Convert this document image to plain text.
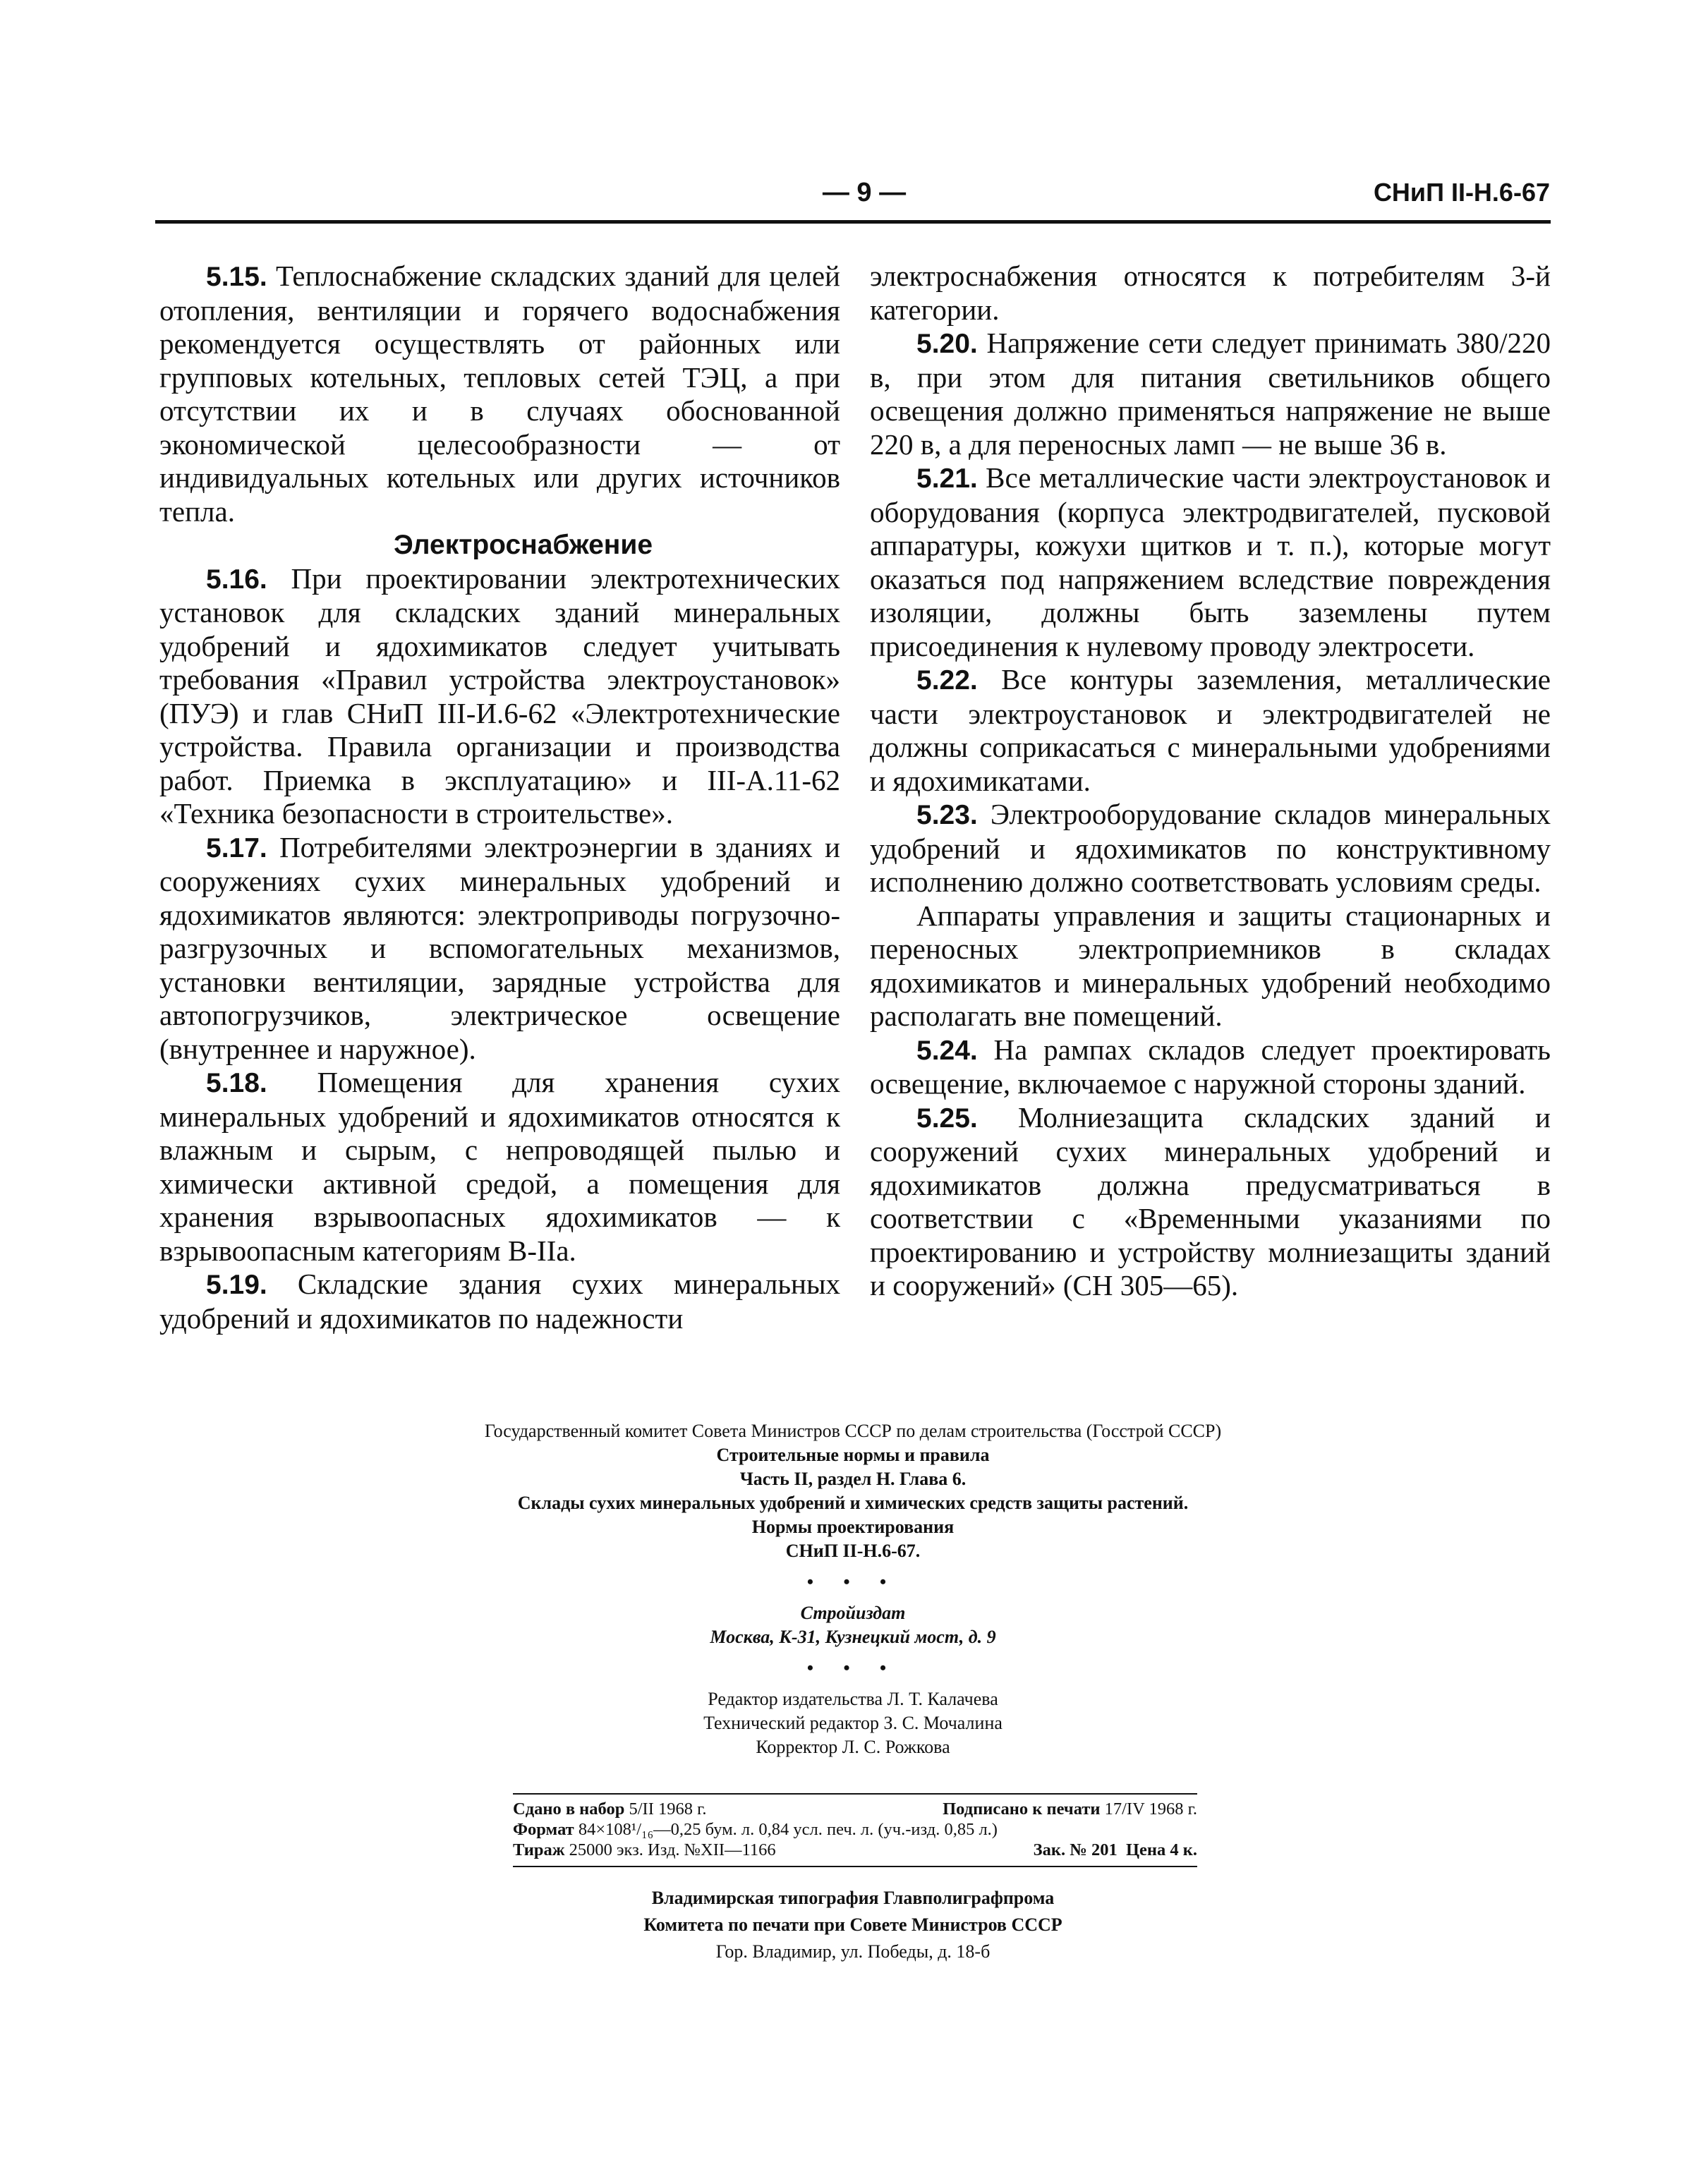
— 9 —	СНиП II-Н.6-67

5.15. Теплоснабжение складских зданий для целей отопления, вентиляции и горячего водоснабжения рекомендуется осуществлять от районных или групповых котельных, тепловых сетей ТЭЦ, а при отсутствии их и в случаях обоснованной экономической целесообразности — от индивидуальных котельных или других источников тепла.

Электроснабжение

5.16. При проектировании электротехнических установок для складских зданий минеральных удобрений и ядохимикатов следует учитывать требования «Правил устройства электроустановок» (ПУЭ) и глав СНиП III-И.6-62 «Электротехнические устройства. Правила организации и производства работ. Приемка в эксплуатацию» и III-А.11-62 «Техника безопасности в строительстве».

5.17. Потребителями электроэнергии в зданиях и сооружениях сухих минеральных удобрений и ядохимикатов являются: электроприводы погрузочно-разгрузочных и вспомогательных механизмов, установки вентиляции, зарядные устройства для автопогрузчиков, электрическое освещение (внутреннее и наружное).

5.18. Помещения для хранения сухих минеральных удобрений и ядохимикатов относятся к влажным и сырым, с непроводящей пылью и химически активной средой, а помещения для хранения взрывоопасных ядохимикатов — к взрывоопасным категориям В-IIа.

5.19. Складские здания сухих минеральных удобрений и ядохимикатов по надежности

электроснабжения относятся к потребителям 3-й категории.

5.20. Напряжение сети следует принимать 380/220 в, при этом для питания светильников общего освещения должно применяться напряжение не выше 220 в, а для переносных ламп — не выше 36 в.

5.21. Все металлические части электроустановок и оборудования (корпуса электродвигателей, пусковой аппаратуры, кожухи щитков и т. п.), которые могут оказаться под напряжением вследствие повреждения изоляции, должны быть заземлены путем присоединения к нулевому проводу электросети.

5.22. Все контуры заземления, металлические части электроустановок и электродвигателей не должны соприкасаться с минеральными удобрениями и ядохимикатами.

5.23. Электрооборудование складов минеральных удобрений и ядохимикатов по конструктивному исполнению должно соответствовать условиям среды.

Аппараты управления и защиты стационарных и переносных электроприемников в складах ядохимикатов и минеральных удобрений необходимо располагать вне помещений.

5.24. На рампах складов следует проектировать освещение, включаемое с наружной стороны зданий.

5.25. Молниезащита складских зданий и сооружений сухих минеральных удобрений и ядохимикатов должна предусматриваться в соответствии с «Временными указаниями по проектированию и устройству молниезащиты зданий и сооружений» (СН 305—65).

Государственный комитет Совета Министров СССР по делам строительства (Госстрой СССР)
Строительные нормы и правила
Часть II, раздел Н. Глава 6.
Склады сухих минеральных удобрений и химических средств защиты растений.
Нормы проектирования
СНиП II-Н.6-67.
• • •
Стройиздат
Москва, К-31, Кузнецкий мост, д. 9
• • •
Редактор издательства Л. Т. Калачева
Технический редактор З. С. Мочалина
Корректор Л. С. Рожкова
Сдано в набор 5/II 1968 г.	Подписано к печати 17/IV 1968 г.
Формат 84×108¹/₁₆—0,25 бум. л. 0,84 усл. печ. л. (уч.-изд. 0,85 л.)
Тираж 25000 экз. Изд. №XII—1166	Зак. № 201 Цена 4 к.
Владимирская типография Главполиграфпрома
Комитета по печати при Совете Министров СССР
Гор. Владимир, ул. Победы, д. 18-б
